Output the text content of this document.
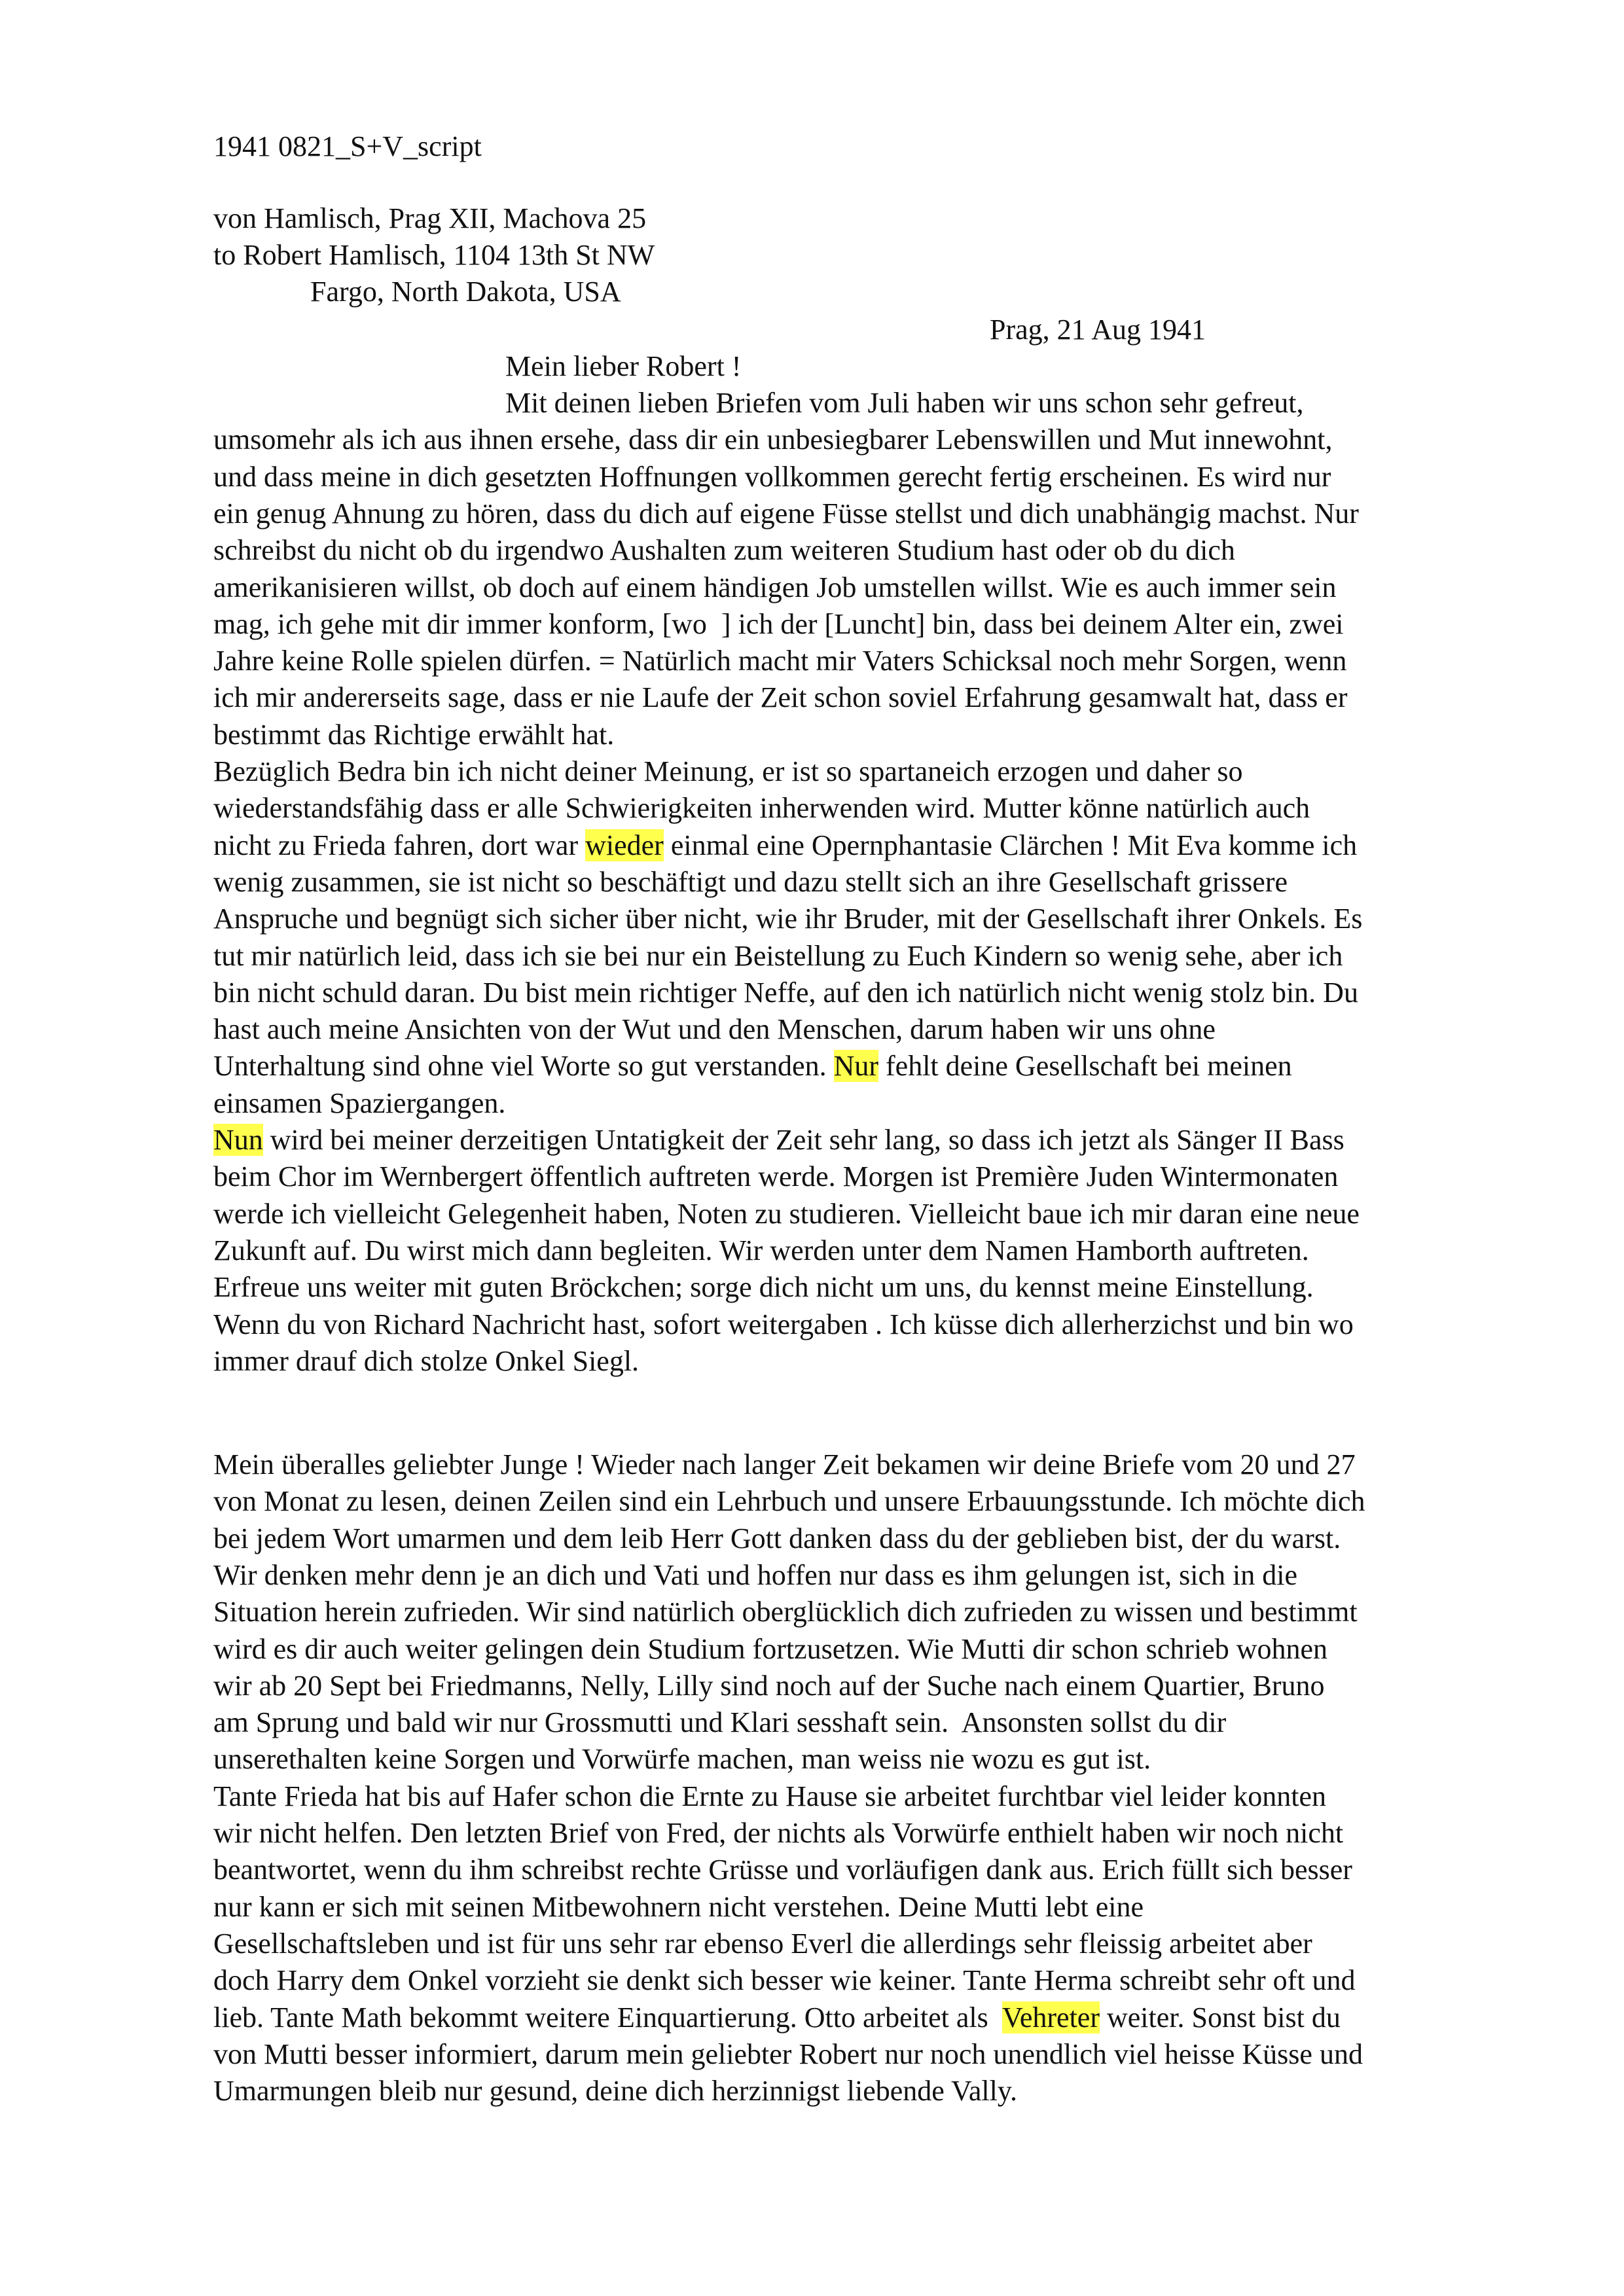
1941 0821_S+V_script
von Hamlisch, Prag XII, Machova 25
to Robert Hamlisch, 1104 13th St NW
Fargo, North Dakota, USA
Prag, 21 Aug 1941
Mein lieber Robert !
Mit deinen lieben Briefen vom Juli haben wir uns schon sehr gefreut,
umsomehr als ich aus ihnen ersehe, dass dir ein unbesiegbarer Lebenswillen und Mut innewohnt,
und dass meine in dich gesetzten Hoffnungen vollkommen gerecht fertig erscheinen. Es wird nur
ein genug Ahnung zu hören, dass du dich auf eigene Füsse stellst und dich unabhängig machst. Nur
schreibst du nicht ob du irgendwo Aushalten zum weiteren Studium hast oder ob du dich
amerikanisieren willst, ob doch auf einem händigen Job umstellen willst. Wie es auch immer sein
mag, ich gehe mit dir immer konform, [wo  ] ich der [Luncht] bin, dass bei deinem Alter ein, zwei
Jahre keine Rolle spielen dürfen. = Natürlich macht mir Vaters Schicksal noch mehr Sorgen, wenn
ich mir andererseits sage, dass er nie Laufe der Zeit schon soviel Erfahrung gesamwalt hat, dass er
bestimmt das Richtige erwählt hat.
Bezüglich Bedra bin ich nicht deiner Meinung, er ist so spartaneich erzogen und daher so
wiederstandsfähig dass er alle Schwierigkeiten inherwenden wird. Mutter könne natürlich auch
nicht zu Frieda fahren, dort war wieder einmal eine Opernphantasie Clärchen ! Mit Eva komme ich
wenig zusammen, sie ist nicht so beschäftigt und dazu stellt sich an ihre Gesellschaft grissere
Anspruche und begnügt sich sicher über nicht, wie ihr Bruder, mit der Gesellschaft ihrer Onkels. Es
tut mir natürlich leid, dass ich sie bei nur ein Beistellung zu Euch Kindern so wenig sehe, aber ich
bin nicht schuld daran. Du bist mein richtiger Neffe, auf den ich natürlich nicht wenig stolz bin. Du
hast auch meine Ansichten von der Wut und den Menschen, darum haben wir uns ohne
Unterhaltung sind ohne viel Worte so gut verstanden. Nur fehlt deine Gesellschaft bei meinen
einsamen Spaziergangen.
Nun wird bei meiner derzeitigen Untatigkeit der Zeit sehr lang, so dass ich jetzt als Sänger II Bass
beim Chor im Wernbergert öffentlich auftreten werde. Morgen ist Première Juden Wintermonaten
werde ich vielleicht Gelegenheit haben, Noten zu studieren. Vielleicht baue ich mir daran eine neue
Zukunft auf. Du wirst mich dann begleiten. Wir werden unter dem Namen Hamborth auftreten.
Erfreue uns weiter mit guten Bröckchen; sorge dich nicht um uns, du kennst meine Einstellung.
Wenn du von Richard Nachricht hast, sofort weitergaben . Ich küsse dich allerherzichst und bin wo
immer drauf dich stolze Onkel Siegl.
Mein überalles geliebter Junge ! Wieder nach langer Zeit bekamen wir deine Briefe vom 20 und 27
von Monat zu lesen, deinen Zeilen sind ein Lehrbuch und unsere Erbauungsstunde. Ich möchte dich
bei jedem Wort umarmen und dem leib Herr Gott danken dass du der geblieben bist, der du warst.
Wir denken mehr denn je an dich und Vati und hoffen nur dass es ihm gelungen ist, sich in die
Situation herein zufrieden. Wir sind natürlich oberglücklich dich zufrieden zu wissen und bestimmt
wird es dir auch weiter gelingen dein Studium fortzusetzen. Wie Mutti dir schon schrieb wohnen
wir ab 20 Sept bei Friedmanns, Nelly, Lilly sind noch auf der Suche nach einem Quartier, Bruno
am Sprung und bald wir nur Grossmutti und Klari sesshaft sein.  Ansonsten sollst du dir
unserethalten keine Sorgen und Vorwürfe machen, man weiss nie wozu es gut ist.
Tante Frieda hat bis auf Hafer schon die Ernte zu Hause sie arbeitet furchtbar viel leider konnten
wir nicht helfen. Den letzten Brief von Fred, der nichts als Vorwürfe enthielt haben wir noch nicht
beantwortet, wenn du ihm schreibst rechte Grüsse und vorläufigen dank aus. Erich füllt sich besser
nur kann er sich mit seinen Mitbewohnern nicht verstehen. Deine Mutti lebt eine
Gesellschaftsleben und ist für uns sehr rar ebenso Everl die allerdings sehr fleissig arbeitet aber
doch Harry dem Onkel vorzieht sie denkt sich besser wie keiner. Tante Herma schreibt sehr oft und
lieb. Tante Math bekommt weitere Einquartierung. Otto arbeitet als  Vehreter weiter. Sonst bist du
von Mutti besser informiert, darum mein geliebter Robert nur noch unendlich viel heisse Küsse und
Umarmungen bleib nur gesund, deine dich herzinnigst liebende Vally.
